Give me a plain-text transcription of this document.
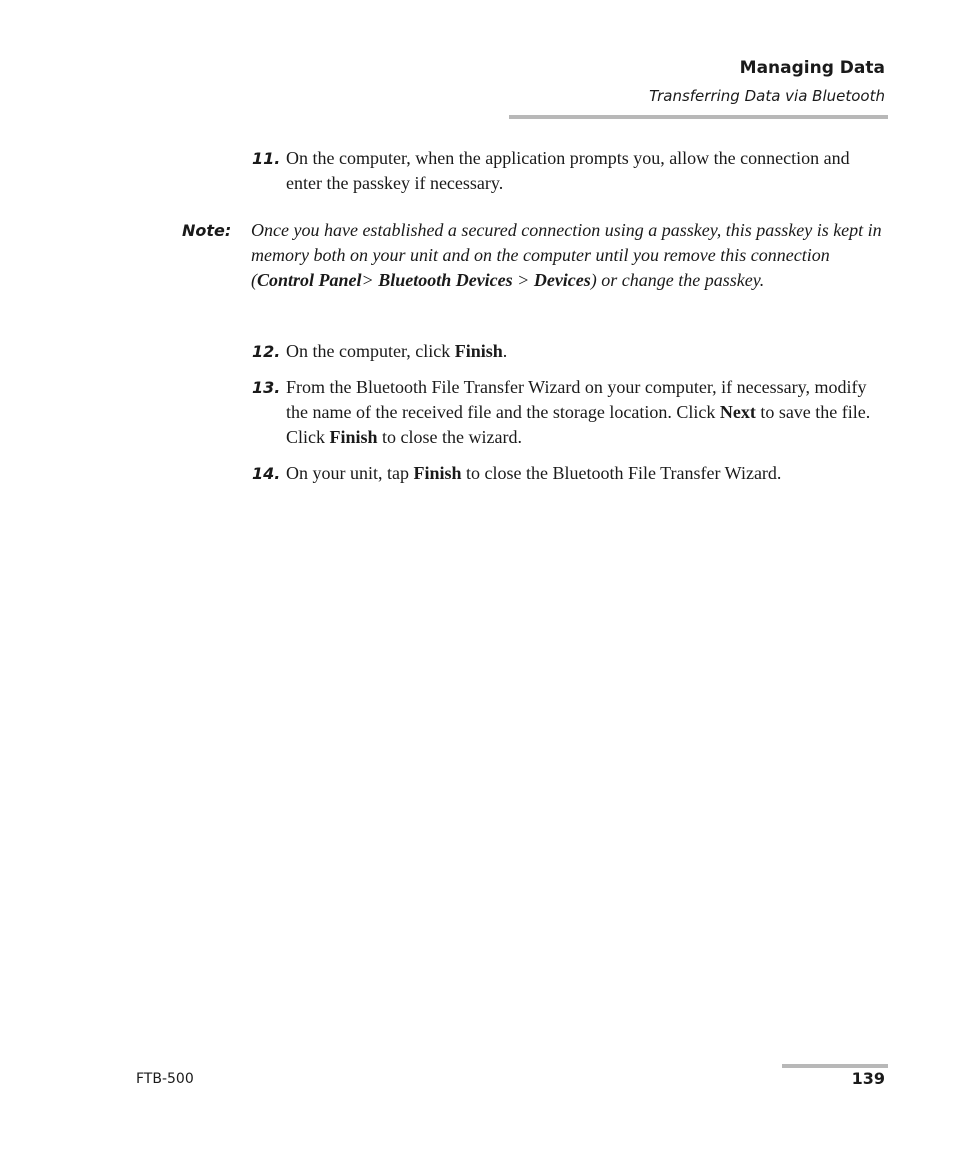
Managing Data
Transferring Data via Bluetooth
11. On the computer, when the application prompts you, allow the connection and enter the passkey if necessary.
Note: Once you have established a secured connection using a passkey, this passkey is kept in memory both on your unit and on the computer until you remove this connection (Control Panel> Bluetooth Devices > Devices) or change the passkey.
12. On the computer, click Finish.
13. From the Bluetooth File Transfer Wizard on your computer, if necessary, modify the name of the received file and the storage location. Click Next to save the file. Click Finish to close the wizard.
14. On your unit, tap Finish to close the Bluetooth File Transfer Wizard.
FTB-500	139
